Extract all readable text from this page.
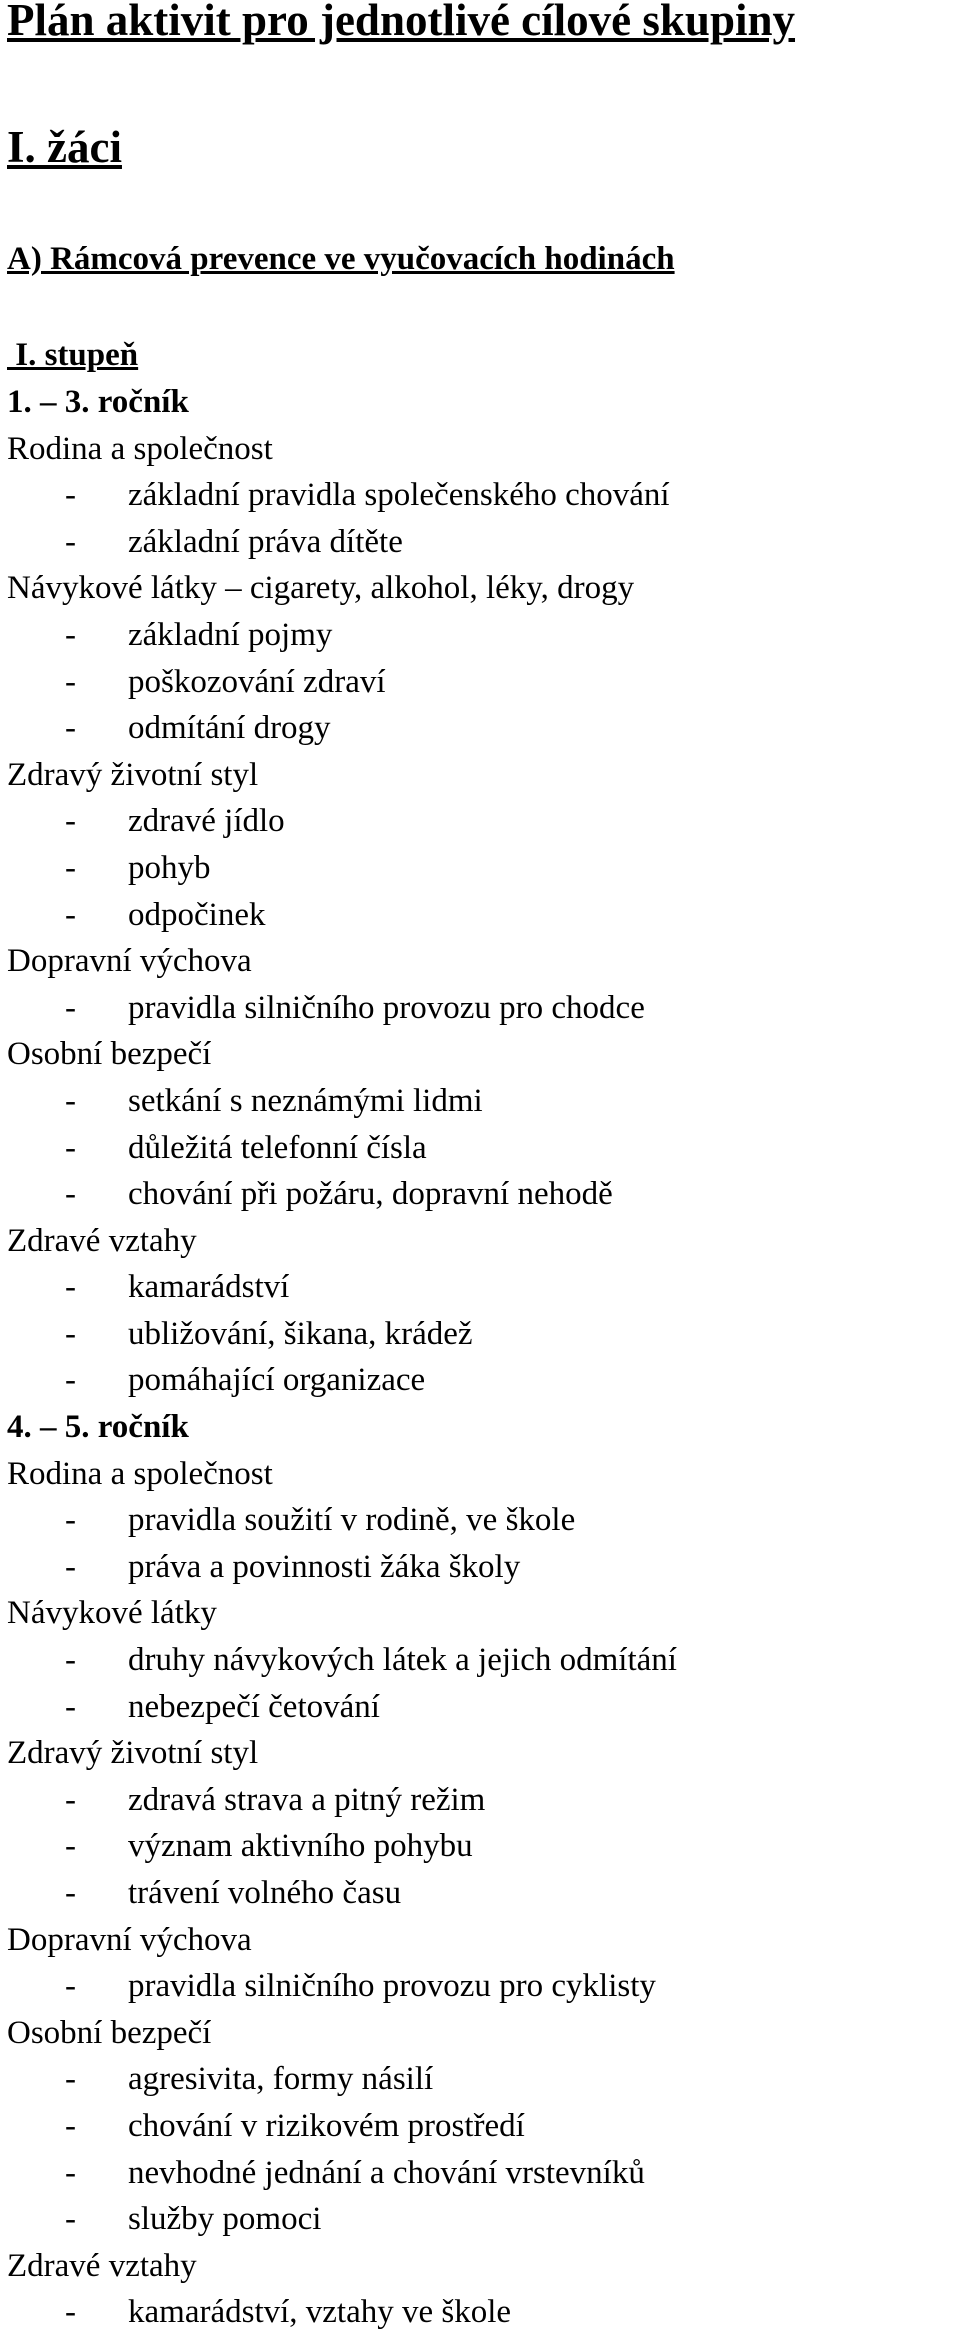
Plán aktivit pro jednotlivé cílové skupiny
I. žáci
A) Rámcová prevence ve vyučovacích hodinách
I. stupeň
1. – 3. ročník
Rodina a společnost
- základní pravidla společenského chování
- základní práva dítěte
Návykové látky – cigarety, alkohol, léky, drogy
- základní pojmy
- poškozování zdraví
- odmítání drogy
Zdravý životní styl
- zdravé jídlo
- pohyb
- odpočinek
Dopravní výchova
- pravidla silničního provozu pro chodce
Osobní bezpečí
- setkání s neznámými lidmi
- důležitá telefonní čísla
- chování při požáru, dopravní nehodě
Zdravé vztahy
- kamarádství
- ubližování, šikana, krádež
- pomáhající organizace
4. – 5. ročník
Rodina a společnost
- pravidla soužití v rodině, ve škole
- práva a povinnosti žáka školy
Návykové látky
- druhy návykových látek a jejich odmítání
- nebezpečí četování
Zdravý životní styl
- zdravá strava a pitný režim
- význam aktivního pohybu
- trávení volného času
Dopravní výchova
- pravidla silničního provozu pro cyklisty
Osobní bezpečí
- agresivita, formy násilí
- chování v rizikovém prostředí
- nevhodné jednání a chování vrstevníků
- služby pomoci
Zdravé vztahy
- kamarádství, vztahy ve škole
